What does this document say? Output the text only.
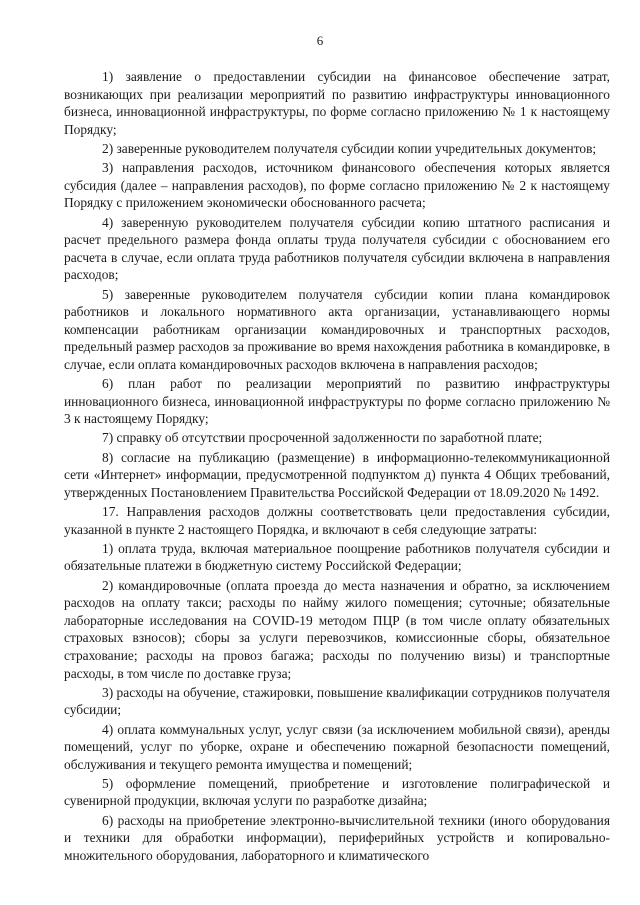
6

1) заявление о предоставлении субсидии на финансовое обеспечение затрат, возникающих при реализации мероприятий по развитию инфраструктуры инновационного бизнеса, инновационной инфраструктуры, по форме согласно приложению № 1 к настоящему Порядку;

2) заверенные руководителем получателя субсидии копии учредительных документов;

3) направления расходов, источником финансового обеспечения которых является субсидия (далее – направления расходов), по форме согласно приложению № 2 к настоящему Порядку с приложением экономически обоснованного расчета;

4) заверенную руководителем получателя субсидии копию штатного расписания и расчет предельного размера фонда оплаты труда получателя субсидии с обоснованием его расчета в случае, если оплата труда работников получателя субсидии включена в направления расходов;

5) заверенные руководителем получателя субсидии копии плана командировок работников и локального нормативного акта организации, устанавливающего нормы компенсации работникам организации командировочных и транспортных расходов, предельный размер расходов за проживание во время нахождения работника в командировке, в случае, если оплата командировочных расходов включена в направления расходов;

6) план работ по реализации мероприятий по развитию инфраструктуры инновационного бизнеса, инновационной инфраструктуры по форме согласно приложению № 3 к настоящему Порядку;

7) справку об отсутствии просроченной задолженности по заработной плате;

8) согласие на публикацию (размещение) в информационно-телекоммуникационной сети «Интернет» информации, предусмотренной подпунктом д) пункта 4 Общих требований, утвержденных Постановлением Правительства Российской Федерации от 18.09.2020 № 1492.

17. Направления расходов должны соответствовать цели предоставления субсидии, указанной в пункте 2 настоящего Порядка, и включают в себя следующие затраты:

1) оплата труда, включая материальное поощрение работников получателя субсидии и обязательные платежи в бюджетную систему Российской Федерации;

2) командировочные (оплата проезда до места назначения и обратно, за исключением расходов на оплату такси; расходы по найму жилого помещения; суточные; обязательные лабораторные исследования на COVID-19 методом ПЦР (в том числе оплату обязательных страховых взносов); сборы за услуги перевозчиков, комиссионные сборы, обязательное страхование; расходы на провоз багажа; расходы по получению визы) и транспортные расходы, в том числе по доставке груза;

3) расходы на обучение, стажировки, повышение квалификации сотрудников получателя субсидии;

4) оплата коммунальных услуг, услуг связи (за исключением мобильной связи), аренды помещений, услуг по уборке, охране и обеспечению пожарной безопасности помещений, обслуживания и текущего ремонта имущества и помещений;

5) оформление помещений, приобретение и изготовление полиграфической и сувенирной продукции, включая услуги по разработке дизайна;

6) расходы на приобретение электронно-вычислительной техники (иного оборудования и техники для обработки информации), периферийных устройств и копировально-множительного оборудования, лабораторного и климатического
